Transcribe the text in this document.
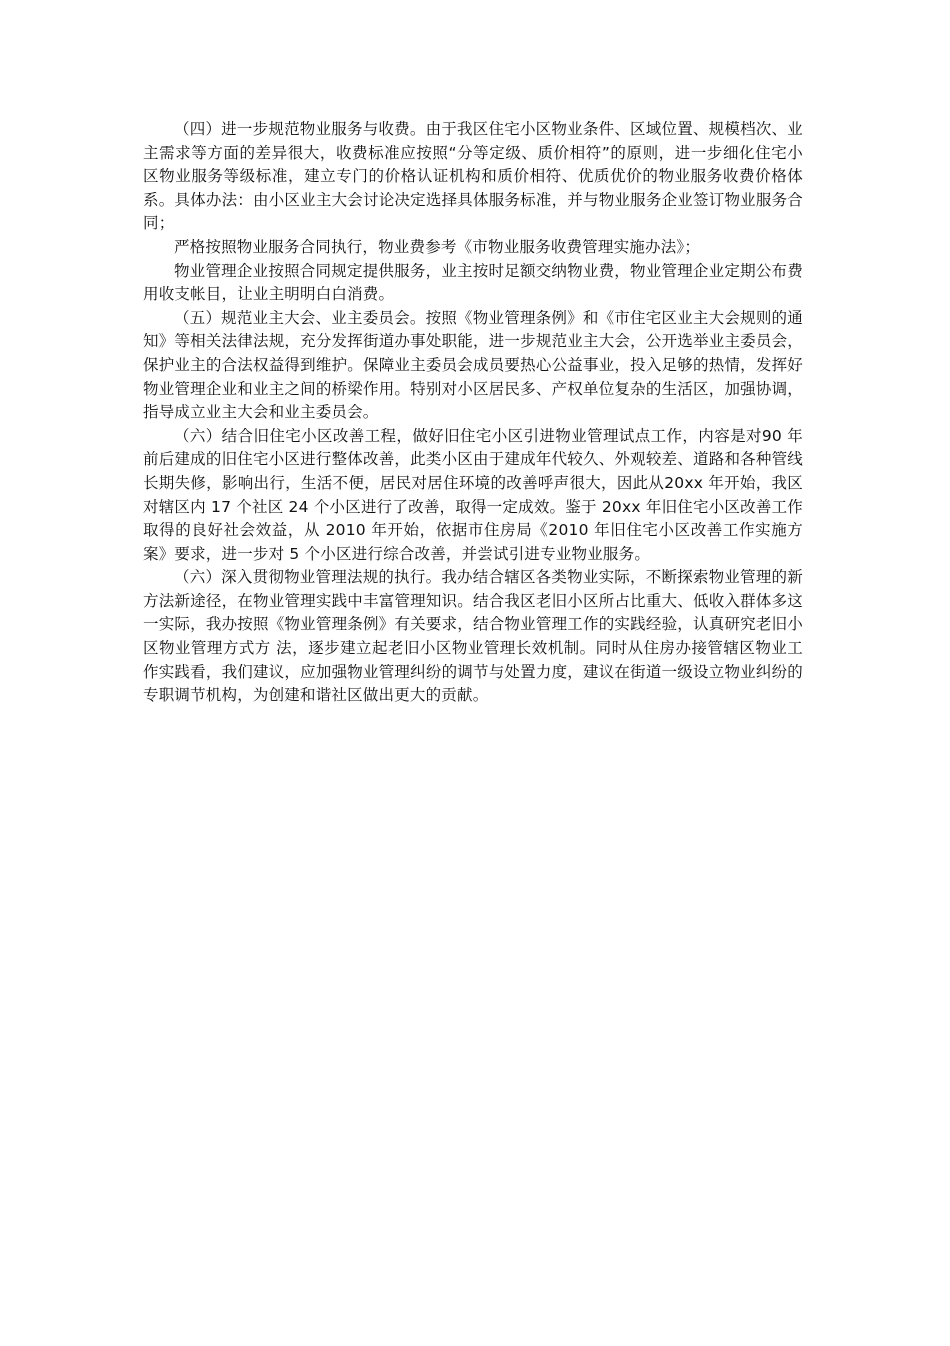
（四）进一步规范物业服务与收费。由于我区住宅小区物业条件、区域位置、规模档次、业主需求等方面的差异很大，收费标准应按照“分等定级、质价相符”的原则，进一步细化住宅小区物业服务等级标准，建立专门的价格认证机构和质价相符、优质优价的物业服务收费价格体系。具体办法：由小区业主大会讨论决定选择具体服务标准，并与物业服务企业签订物业服务合同；

严格按照物业服务合同执行，物业费参考《市物业服务收费管理实施办法》；

物业管理企业按照合同规定提供服务，业主按时足额交纳物业费，物业管理企业定期公布费用收支帐目，让业主明明白白消费。

（五）规范业主大会、业主委员会。按照《物业管理条例》和《市住宅区业主大会规则的通知》等相关法律法规，充分发挥街道办事处职能，进一步规范业主大会，公开选举业主委员会，保护业主的合法权益得到维护。保障业主委员会成员要热心公益事业，投入足够的热情，发挥好物业管理企业和业主之间的桥梁作用。特别对小区居民多、产权单位复杂的生活区，加强协调，指导成立业主大会和业主委员会。

（六）结合旧住宅小区改善工程，做好旧住宅小区引进物业管理试点工作，内容是对90 年前后建成的旧住宅小区进行整体改善，此类小区由于建成年代较久、外观较差、道路和各种管线长期失修，影响出行，生活不便，居民对居住环境的改善呼声很大，因此从20xx 年开始，我区对辖区内 17 个社区 24 个小区进行了改善，取得一定成效。鉴于 20xx 年旧住宅小区改善工作取得的良好社会效益，从 2010 年开始，依据市住房局《2010 年旧住宅小区改善工作实施方案》要求，进一步对 5 个小区进行综合改善，并尝试引进专业物业服务。

（六）深入贯彻物业管理法规的执行。我办结合辖区各类物业实际，不断探索物业管理的新方法新途径，在物业管理实践中丰富管理知识。结合我区老旧小区所占比重大、低收入群体多这一实际，我办按照《物业管理条例》有关要求，结合物业管理工作的实践经验，认真研究老旧小区物业管理方式方 法，逐步建立起老旧小区物业管理长效机制。同时从住房办接管辖区物业工作实践看，我们建议，应加强物业管理纠纷的调节与处置力度，建议在街道一级设立物业纠纷的专职调节机构，为创建和谐社区做出更大的贡献。
